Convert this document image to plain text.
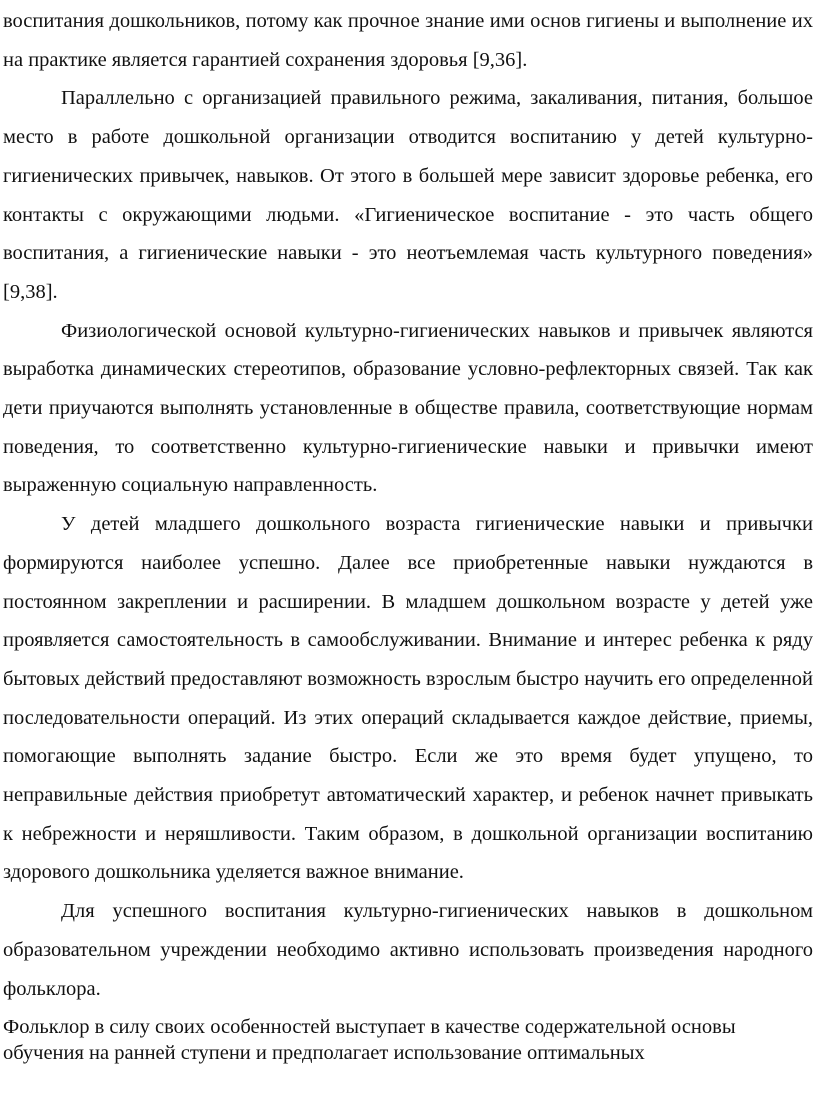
воспитания дошкольников, потому как прочное знание ими основ гигиены и выполнение их на практике является гарантией сохранения здоровья [9,36].

Параллельно с организацией правильного режима, закаливания, питания, большое место в работе дошкольной организации отводится воспитанию у детей культурно-гигиенических привычек, навыков. От этого в большей мере зависит здоровье ребенка, его контакты с окружающими людьми. «Гигиеническое воспитание - это часть общего воспитания, а гигиенические навыки - это неотъемлемая часть культурного поведения» [9,38].

Физиологической основой культурно-гигиенических навыков и привычек являются выработка динамических стереотипов, образование условно-рефлекторных связей. Так как дети приучаются выполнять установленные в обществе правила, соответствующие нормам поведения, то соответственно культурно-гигиенические навыки и привычки имеют выраженную социальную направленность.

У детей младшего дошкольного возраста гигиенические навыки и привычки формируются наиболее успешно. Далее все приобретенные навыки нуждаются в постоянном закреплении и расширении. В младшем дошкольном возрасте у детей уже проявляется самостоятельность в самообслуживании. Внимание и интерес ребенка к ряду бытовых действий предоставляют возможность взрослым быстро научить его определенной последовательности операций. Из этих операций складывается каждое действие, приемы, помогающие выполнять задание быстро. Если же это время будет упущено, то неправильные действия приобретут автоматический характер, и ребенок начнет привыкать к небрежности и неряшливости. Таким образом, в дошкольной организации воспитанию здорового дошкольника уделяется важное внимание.

Для успешного воспитания культурно-гигиенических навыков в дошкольном образовательном учреждении необходимо активно использовать произведения народного фольклора.

Фольклор в силу своих особенностей выступает в качестве содержательной основы обучения на ранней ступени и предполагает использование оптимальных
